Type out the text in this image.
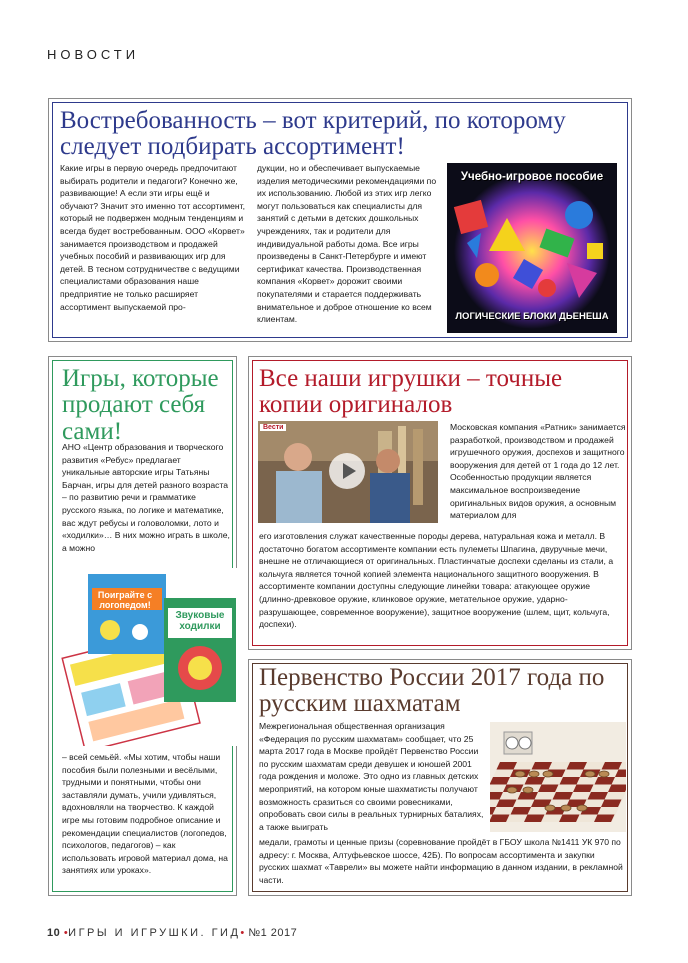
НОВОСТИ
Востребованность – вот критерий, по которому следует подбирать ассортимент!
Какие игры в первую очередь предпочитают выбирать родители и педагоги? Конечно же, развивающие! А если эти игры ещё и обучают? Значит это именно тот ассортимент, который не подвержен модным тенденциям и всегда будет востребованным. ООО «Корвет» занимается производством и продажей учебных пособий и развивающих игр для детей. В тесном сотрудничестве с ведущими специалистами образования наше предприятие не только расширяет ассортимент выпускаемой про-
дукции, но и обеспечивает выпускаемые изделия методическими рекомендациями по их использованию. Любой из этих игр легко могут пользоваться как специалисты для занятий с детьми в детских дошкольных учреждениях, так и родители для индивидуальной работы дома. Все игры произведены в Санкт-Петербурге и имеют сертификат качества. Производственная компания «Корвет» дорожит своими покупателями и старается поддерживать внимательное и доброе отношение ко всем клиентам.
Учебно-игровое пособие
ЛОГИЧЕСКИЕ БЛОКИ ДЬЕНЕША
Игры, которые продают себя сами!
АНО «Центр образования и творческого развития «Ребус» предлагает уникальные авторские игры Татьяны Барчан, игры для детей разного возраста – по развитию речи и грамматике русского языка, по логике и математике, вас ждут ребусы и головоломки, лото и «ходилки»… В них можно играть в школе, а можно
Поиграйте с логопедом!
Звуковые ходилки
– всей семьёй. «Мы хотим, чтобы наши пособия были полезными и весёлыми, трудными и понятными, чтобы они заставляли думать, учили удивляться, вдохновляли на творчество. К каждой игре мы готовим подробное описание и рекомендации специалистов (логопедов, психологов, педагогов) – как использовать игровой материал дома, на занятиях или уроках».
Все наши игрушки – точные копии оригиналов
Вести	Московская компания «Ратник» занимается разработкой, производством и продажей игрушечного оружия, доспехов и защитного вооружения для детей от 1 года до 12 лет. Особенностью продукции является максимальное воспроизведение оригинальных видов оружия, а основным материалом для
его изготовления служат качественные породы дерева, натуральная кожа и металл. В достаточно богатом ассортименте компании есть пулеметы Шпагина, двуручные мечи, внешне не отличающиеся от оригинальных. Пластинчатые доспехи сделаны из стали, а кольчуга является точной копией элемента национального защитного вооружения. В ассортименте компании доступны следующие линейки товара: атакующее оружие (длинно-древковое оружие, клинковое оружие, метательное оружие, ударно-разрушающее, современное вооружение), защитное вооружение (шлем, щит, кольчуга, доспехи).
Первенство России 2017 года по русским шахматам
Межрегиональная общественная организация «Федерация по русским шахматам» сообщает, что 25 марта 2017 года в Москве пройдёт Первенство России по русским шахматам среди девушек и юношей 2001 года рождения и моложе. Это одно из главных детских мероприятий, на котором юные шахматисты получают возможность сразиться со своими ровесниками, опробовать свои силы в реальных турнирных баталиях, а также выиграть
медали, грамоты и ценные призы (соревнование пройдёт в ГБОУ школа №1411 УК 970 по адресу: г. Москва, Алтуфьевское шоссе, 42Б). По вопросам ассортимента и закупки русских шахмат «Таврели» вы можете найти информацию в данном издании, в рекламной части.
10 •ИГРЫ И ИГРУШКИ. ГИД• №1 2017
